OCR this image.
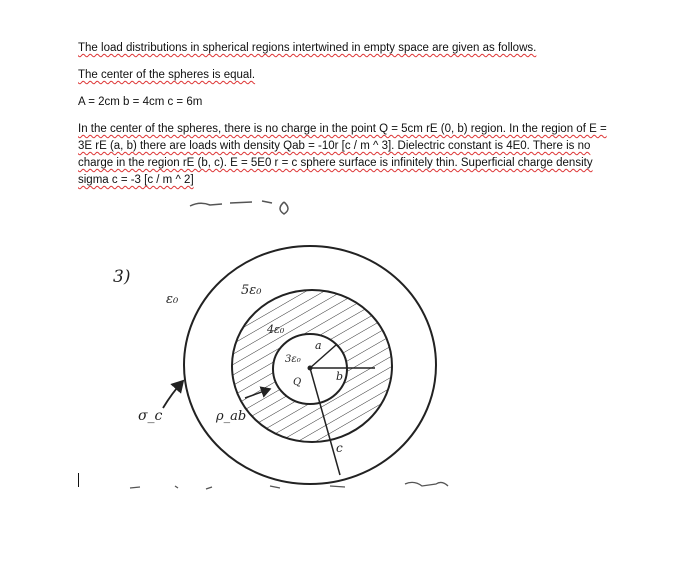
The load distributions in spherical regions intertwined in empty space are given as follows.
The center of the spheres is equal.
A = 2cm b = 4cm c = 6m
In the center of the spheres, there is no charge in the point Q = 5cm rE (0, b) region. In the region of E = 3E rE (a, b) there are loads with density Qab = -10r [c / m ^ 3]. Dielectric constant is 4E0. There is no charge in the region rE (b, c). E = 5E0 r = c sphere surface is infinitely thin. Superficial charge density sigma c = -3 [c / m ^ 2]
3)
ε₀
5ε₀
4ε₀
3ε₀
a
b
c
Q
σ_c	ρ_ab
